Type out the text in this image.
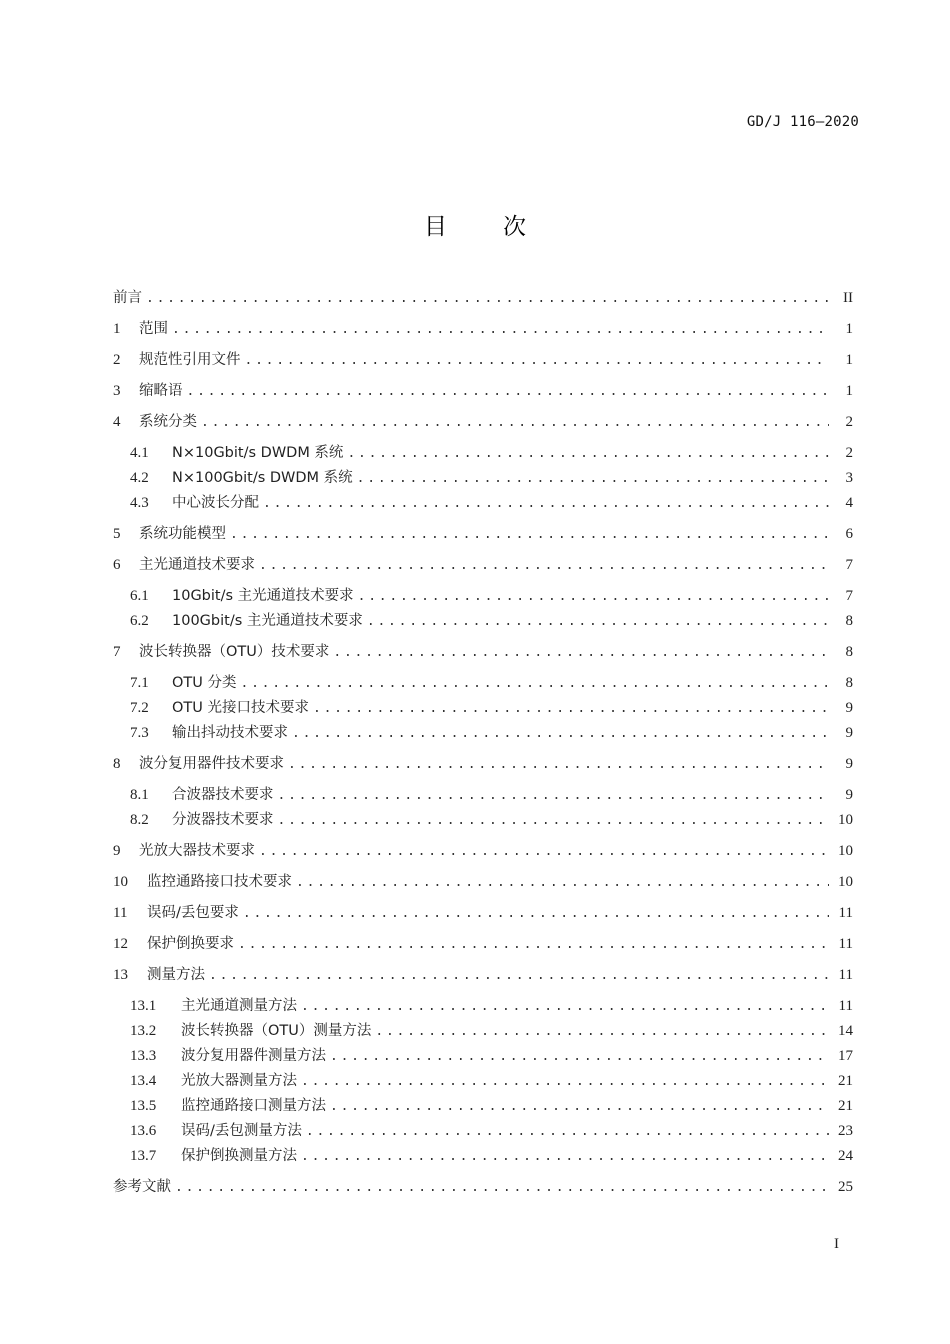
GD/J 116—2020
目 次
前言 .....	II
1	范围 .....	1
2	规范性引用文件 .....	1
3	缩略语 .....	1
4	系统分类 .....	2
4.1	N×10Gbit/s DWDM 系统 .....	2
4.2	N×100Gbit/s DWDM 系统 .....	3
4.3	中心波长分配 .....	4
5	系统功能模型 .....	6
6	主光通道技术要求 .....	7
6.1	10Gbit/s 主光通道技术要求 .....	7
6.2	100Gbit/s 主光通道技术要求 .....	8
7	波长转换器（OTU）技术要求 .....	8
7.1	OTU 分类 .....	8
7.2	OTU 光接口技术要求 .....	9
7.3	输出抖动技术要求 .....	9
8	波分复用器件技术要求 .....	9
8.1	合波器技术要求 .....	9
8.2	分波器技术要求 .....	10
9	光放大器技术要求 .....	10
10	监控通路接口技术要求 .....	10
11	误码/丢包要求 .....	11
12	保护倒换要求 .....	11
13	测量方法 .....	11
13.1	主光通道测量方法 .....	11
13.2	波长转换器（OTU）测量方法 .....	14
13.3	波分复用器件测量方法 .....	17
13.4	光放大器测量方法 .....	21
13.5	监控通路接口测量方法 .....	21
13.6	误码/丢包测量方法 .....	23
13.7	保护倒换测量方法 .....	24
参考文献 .....	25
I
